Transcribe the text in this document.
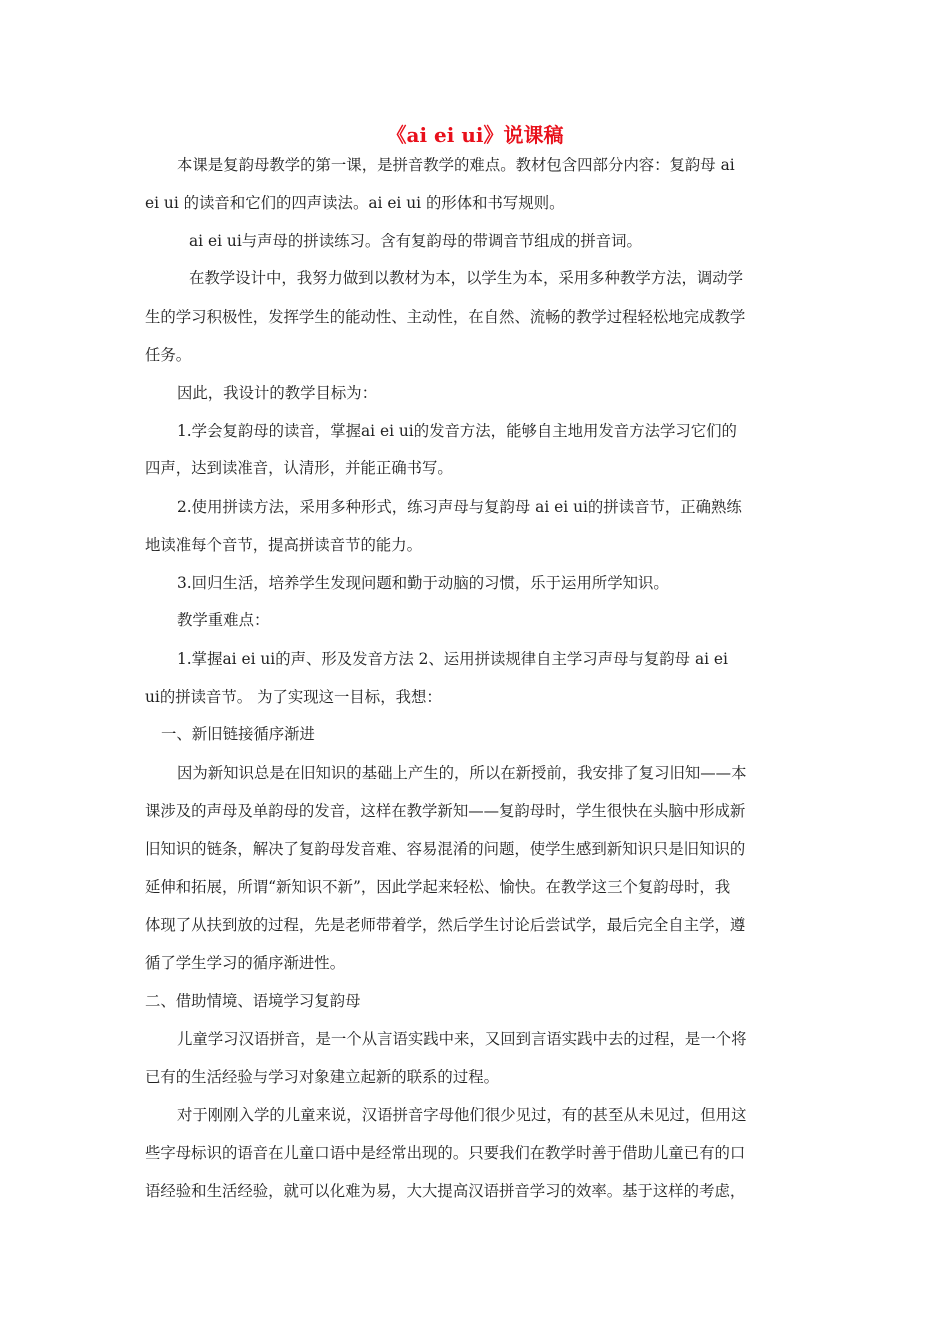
《ai ei ui》说课稿
本课是复韵母教学的第一课，是拼音教学的难点。教材包含四部分内容：复韵母 ai
ei ui 的读音和它们的四声读法。ai ei ui 的形体和书写规则。
ai ei ui与声母的拼读练习。含有复韵母的带调音节组成的拼音词。
在教学设计中，我努力做到以教材为本，以学生为本，采用多种教学方法，调动学
生的学习积极性，发挥学生的能动性、主动性，在自然、流畅的教学过程轻松地完成教学
任务。
因此，我设计的教学目标为：
1.学会复韵母的读音，掌握ai ei ui的发音方法，能够自主地用发音方法学习它们的
四声，达到读准音，认清形，并能正确书写。
2.使用拼读方法，采用多种形式，练习声母与复韵母 ai ei ui的拼读音节，正确熟练
地读准每个音节，提高拼读音节的能力。
3.回归生活，培养学生发现问题和勤于动脑的习惯，乐于运用所学知识。
教学重难点：
1.掌握ai ei ui的声、形及发音方法 2、运用拼读规律自主学习声母与复韵母 ai ei
ui的拼读音节。 为了实现这一目标，我想：
一、新旧链接循序渐进
因为新知识总是在旧知识的基础上产生的，所以在新授前，我安排了复习旧知——本
课涉及的声母及单韵母的发音，这样在教学新知——复韵母时，学生很快在头脑中形成新
旧知识的链条，解决了复韵母发音难、容易混淆的问题，使学生感到新知识只是旧知识的
延伸和拓展，所谓“新知识不新”，因此学起来轻松、愉快。在教学这三个复韵母时，我
体现了从扶到放的过程，先是老师带着学，然后学生讨论后尝试学，最后完全自主学，遵
循了学生学习的循序渐进性。
二、借助情境、语境学习复韵母
儿童学习汉语拼音，是一个从言语实践中来，又回到言语实践中去的过程，是一个将
已有的生活经验与学习对象建立起新的联系的过程。
对于刚刚入学的儿童来说，汉语拼音字母他们很少见过，有的甚至从未见过，但用这
些字母标识的语音在儿童口语中是经常出现的。只要我们在教学时善于借助儿童已有的口
语经验和生活经验，就可以化难为易，大大提高汉语拼音学习的效率。基于这样的考虑，
